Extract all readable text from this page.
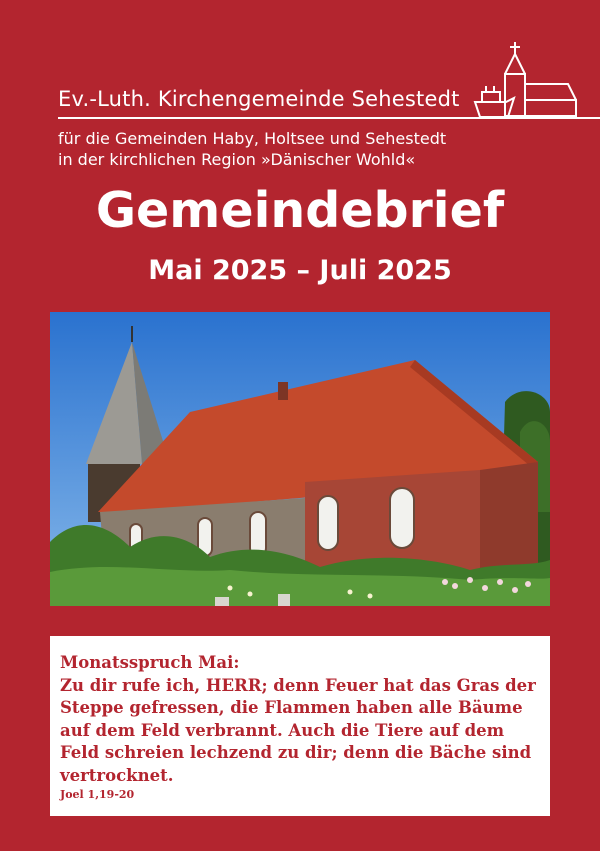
Ev.-Luth. Kirchengemeinde Sehestedt
für die Gemeinden Haby, Holtsee und Sehestedt
in der kirchlichen Region »Dänischer Wohld«
Gemeindebrief
Mai 2025 – Juli 2025
Monatsspruch Mai:
Zu dir rufe ich, HERR; denn Feuer hat das Gras der Steppe gefressen, die Flammen haben alle Bäume auf dem Feld verbrannt. Auch die Tiere auf dem Feld schreien lechzend zu dir; denn die Bäche sind vertrocknet.
Joel 1,19-20
